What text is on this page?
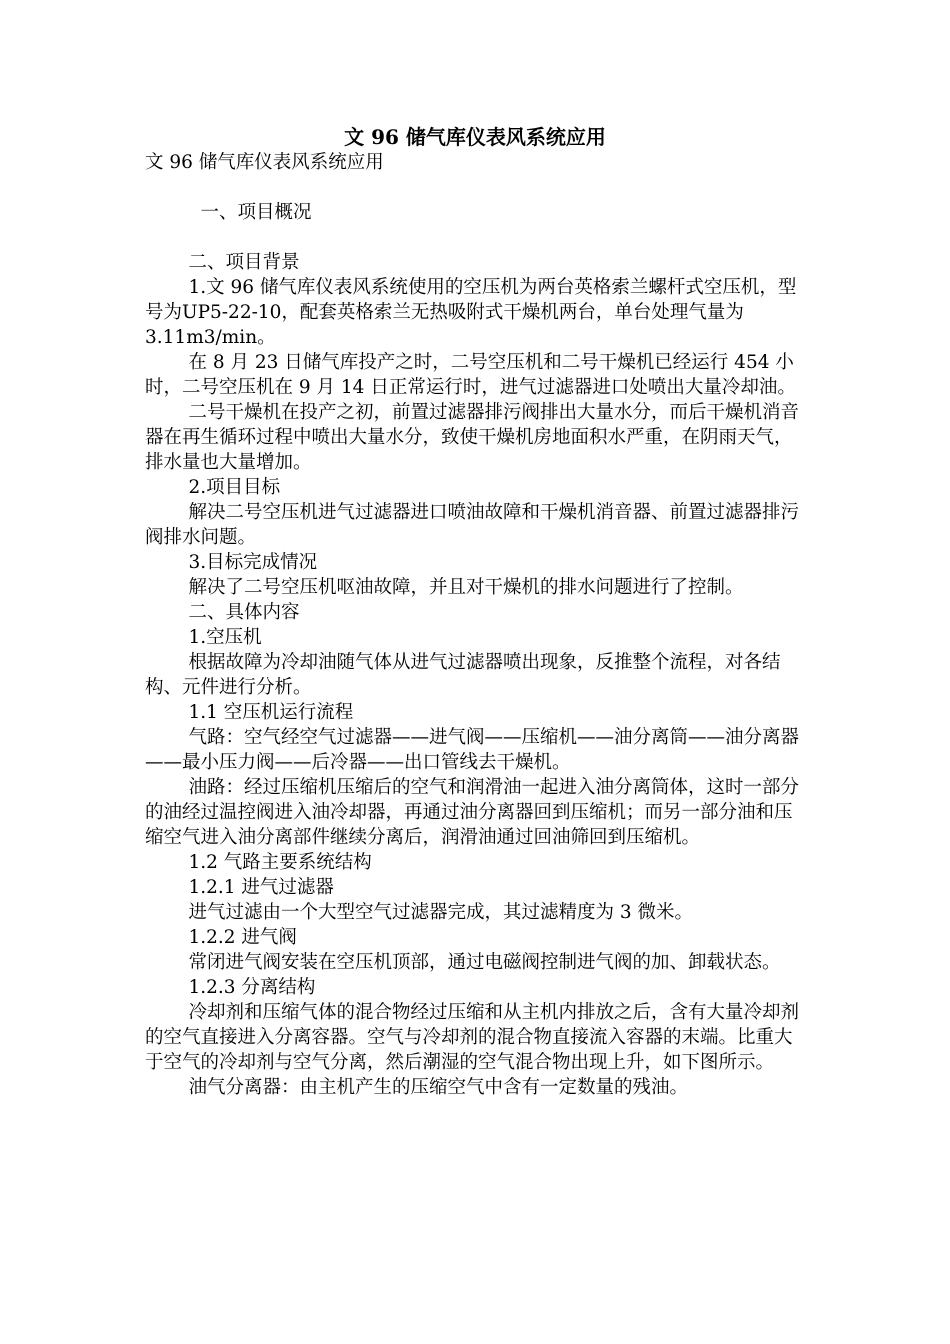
文 96 储气库仪表风系统应用

文 96 储气库仪表风系统应用

一、项目概况

二、项目背景

1.文 96 储气库仪表风系统使用的空压机为两台英格索兰螺杆式空压机，型号为UP5-22-10，配套英格索兰无热吸附式干燥机两台，单台处理气量为3.11m3/min。

在 8 月 23 日储气库投产之时，二号空压机和二号干燥机已经运行 454 小时，二号空压机在 9 月 14 日正常运行时，进气过滤器进口处喷出大量冷却油。

二号干燥机在投产之初，前置过滤器排污阀排出大量水分，而后干燥机消音器在再生循环过程中喷出大量水分，致使干燥机房地面积水严重，在阴雨天气，排水量也大量增加。

2.项目目标

解决二号空压机进气过滤器进口喷油故障和干燥机消音器、前置过滤器排污阀排水问题。

3.目标完成情况

解决了二号空压机呕油故障，并且对干燥机的排水问题进行了控制。

二、具体内容

1.空压机

根据故障为冷却油随气体从进气过滤器喷出现象，反推整个流程，对各结构、元件进行分析。

1.1 空压机运行流程

气路：空气经空气过滤器——进气阀——压缩机——油分离筒——油分离器——最小压力阀——后冷器——出口管线去干燥机。

油路：经过压缩机压缩后的空气和润滑油一起进入油分离筒体，这时一部分的油经过温控阀进入油冷却器，再通过油分离器回到压缩机；而另一部分油和压缩空气进入油分离部件继续分离后，润滑油通过回油筛回到压缩机。

1.2 气路主要系统结构

1.2.1 进气过滤器

进气过滤由一个大型空气过滤器完成，其过滤精度为 3 微米。

1.2.2 进气阀

常闭进气阀安装在空压机顶部，通过电磁阀控制进气阀的加、卸载状态。

1.2.3 分离结构

冷却剂和压缩气体的混合物经过压缩和从主机内排放之后，含有大量冷却剂的空气直接进入分离容器。空气与冷却剂的混合物直接流入容器的末端。比重大于空气的冷却剂与空气分离，然后潮湿的空气混合物出现上升，如下图所示。

油气分离器：由主机产生的压缩空气中含有一定数量的残油。
